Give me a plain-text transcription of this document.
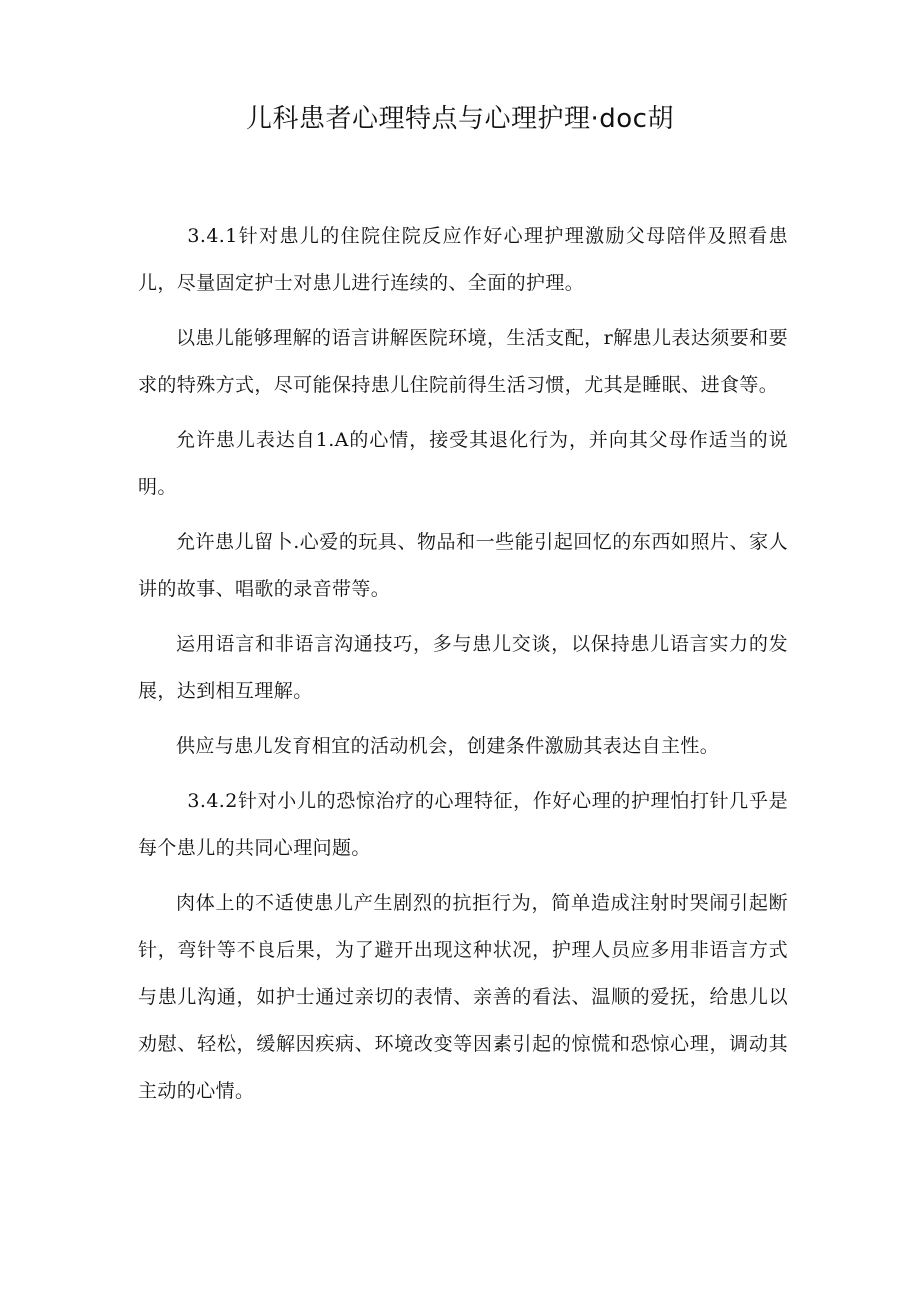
儿科患者心理特点与心理护理·doc胡

3.4.1针对患儿的住院住院反应作好心理护理激励父母陪伴及照看患儿，尽量固定护士对患儿进行连续的、全面的护理。

以患儿能够理解的语言讲解医院环境，生活支配，r解患儿表达须要和要求的特殊方式，尽可能保持患儿住院前得生活习惯，尤其是睡眠、进食等。

允许患儿表达自1.A的心情，接受其退化行为，并向其父母作适当的说明。

允许患儿留卜.心爱的玩具、物品和一些能引起回忆的东西如照片、家人讲的故事、唱歌的录音带等。

运用语言和非语言沟通技巧，多与患儿交谈，以保持患儿语言实力的发展，达到相互理解。

供应与患儿发育相宜的活动机会，创建条件激励其表达自主性。

3.4.2针对小儿的恐惊治疗的心理特征，作好心理的护理怕打针几乎是每个患儿的共同心理问题。

肉体上的不适使患儿产生剧烈的抗拒行为，简单造成注射时哭闹引起断针，弯针等不良后果，为了避开出现这种状况，护理人员应多用非语言方式与患儿沟通，如护士通过亲切的表情、亲善的看法、温顺的爱抚，给患儿以劝慰、轻松，缓解因疾病、环境改变等因素引起的惊慌和恐惊心理，调动其主动的心情。
